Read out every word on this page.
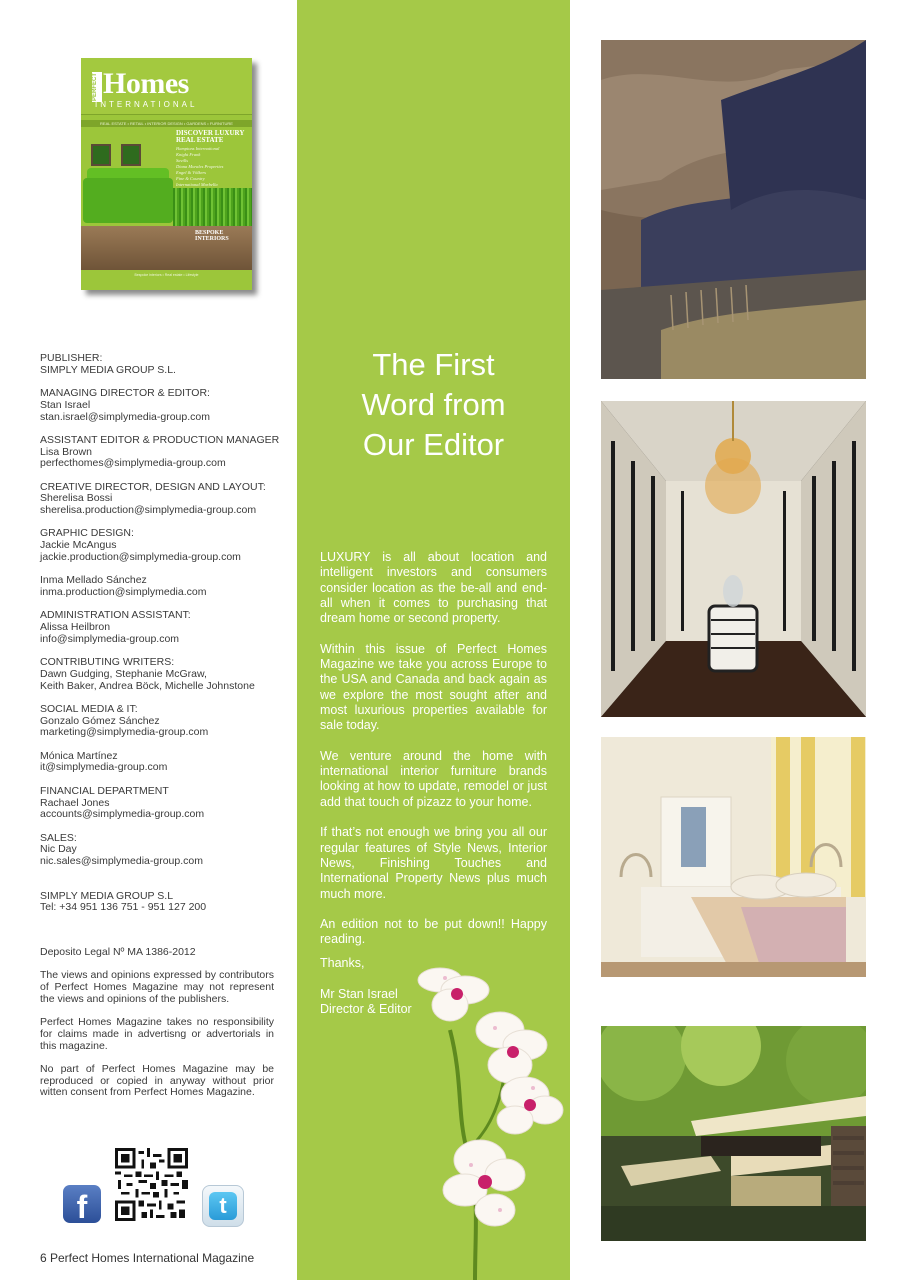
PERFECT Homes
INTERNATIONAL
REAL ESTATE • RETAIL • INTERIOR DESIGN • GARDENS • FURNITURE
DISCOVER LUXURY
REAL ESTATE
Hamptons International
Knight Frank
Savills
Diana Morales Properties
Engel & Völkers
Fine & Country
International Marbella
BESPOKE
INTERIORS
Bespoke interiors • Real estate • Lifestyle

PUBLISHER:
SIMPLY MEDIA GROUP S.L.

MANAGING DIRECTOR & EDITOR:
Stan Israel
stan.israel@simplymedia-group.com

ASSISTANT EDITOR & PRODUCTION MANAGER
Lisa Brown
perfecthomes@simplymedia-group.com

CREATIVE DIRECTOR, DESIGN AND LAYOUT:
Sherelisa Bossi
sherelisa.production@simplymedia-group.com

GRAPHIC DESIGN:
Jackie McAngus
jackie.production@simplymedia-group.com

Inma Mellado Sánchez
inma.production@simplymedia.com

ADMINISTRATION ASSISTANT:
Alissa Heilbron
info@simplymedia-group.com

CONTRIBUTING WRITERS:
Dawn Gudging, Stephanie McGraw,
Keith Baker, Andrea Böck, Michelle Johnstone

SOCIAL MEDIA & IT:
Gonzalo Gómez Sánchez
marketing@simplymedia-group.com

Mónica Martínez
it@simplymedia-group.com

FINANCIAL DEPARTMENT
Rachael Jones
accounts@simplymedia-group.com

SALES:
Nic Day
nic.sales@simplymedia-group.com

SIMPLY MEDIA GROUP S.L
Tel: +34 951 136 751 - 951 127 200

Deposito Legal Nº MA 1386-2012

The views and opinions expressed by contributors of Perfect Homes Magazine may not represent the views and opinions of the publishers.

Perfect Homes Magazine takes no responsibility for claims made in advertisng or advertorials in this magazine.

No part of Perfect Homes Magazine may be reproduced or copied in anyway without prior witten consent from Perfect Homes Magazine.

f	t
6 Perfect Homes International Magazine
The First
Word from
Our Editor

LUXURY is all about location and intelligent investors and consumers consider location as the be-all and end-all when it comes to purchasing that dream home or second property.

Within this issue of Perfect Homes Magazine we take you across Europe to the USA and Canada and back again as we explore the most sought after and most luxurious properties available for sale today.

We venture around the home with international interior furniture brands looking at how to update, remodel or just add that touch of pizazz to your home.

If that’s not enough we bring you all our regular features of Style News, Interior News, Finishing Touches and International Property News plus much much more.

An edition not to be put down!! Happy reading.

Thanks,

Mr Stan Israel
Director & Editor
